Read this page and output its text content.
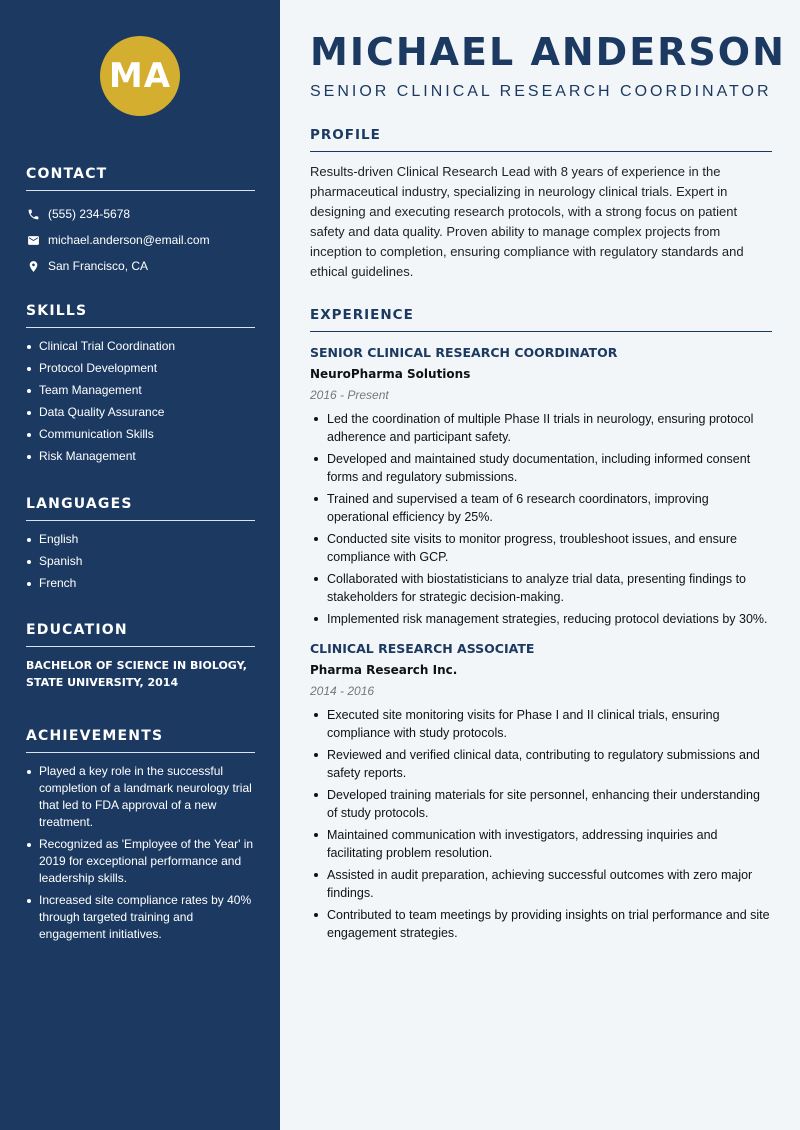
MA
CONTACT
(555) 234-5678
michael.anderson@email.com
San Francisco, CA
SKILLS
Clinical Trial Coordination
Protocol Development
Team Management
Data Quality Assurance
Communication Skills
Risk Management
LANGUAGES
English
Spanish
French
EDUCATION
BACHELOR OF SCIENCE IN BIOLOGY,
STATE UNIVERSITY, 2014
ACHIEVEMENTS
Played a key role in the successful completion of a landmark neurology trial that led to FDA approval of a new treatment.
Recognized as 'Employee of the Year' in 2019 for exceptional performance and leadership skills.
Increased site compliance rates by 40% through targeted training and engagement initiatives.
MICHAEL ANDERSON
SENIOR CLINICAL RESEARCH COORDINATOR
PROFILE

Results-driven Clinical Research Lead with 8 years of experience in the pharmaceutical industry, specializing in neurology clinical trials. Expert in designing and executing research protocols, with a strong focus on patient safety and data quality. Proven ability to manage complex projects from inception to completion, ensuring compliance with regulatory standards and ethical guidelines.

EXPERIENCE
SENIOR CLINICAL RESEARCH COORDINATOR
NeuroPharma Solutions
2016 - Present
Led the coordination of multiple Phase II trials in neurology, ensuring protocol adherence and participant safety.
Developed and maintained study documentation, including informed consent forms and regulatory submissions.
Trained and supervised a team of 6 research coordinators, improving operational efficiency by 25%.
Conducted site visits to monitor progress, troubleshoot issues, and ensure compliance with GCP.
Collaborated with biostatisticians to analyze trial data, presenting findings to stakeholders for strategic decision-making.
Implemented risk management strategies, reducing protocol deviations by 30%.
CLINICAL RESEARCH ASSOCIATE
Pharma Research Inc.
2014 - 2016
Executed site monitoring visits for Phase I and II clinical trials, ensuring compliance with study protocols.
Reviewed and verified clinical data, contributing to regulatory submissions and safety reports.
Developed training materials for site personnel, enhancing their understanding of study protocols.
Maintained communication with investigators, addressing inquiries and facilitating problem resolution.
Assisted in audit preparation, achieving successful outcomes with zero major findings.
Contributed to team meetings by providing insights on trial performance and site engagement strategies.
